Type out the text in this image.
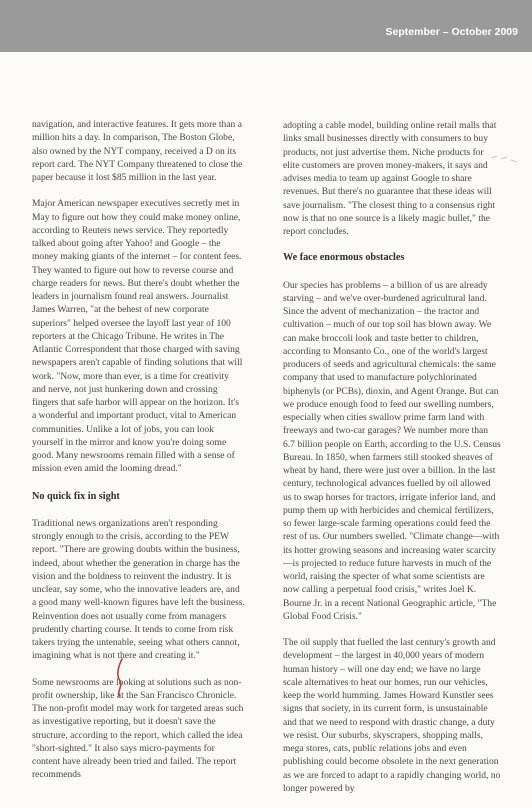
September – October 2009

navigation, and interactive features. It gets more than a million hits a day. In comparison, The Boston Globe, also owned by the NYT company, received a D on its report card. The NYT Company threatened to close the paper because it lost $85 million in the last year.

Major American newspaper executives secretly met in May to figure out how they could make money online, according to Reuters news service. They reportedly talked about going after Yahoo! and Google – the money making giants of the internet – for content fees. They wanted to figure out how to reverse course and charge readers for news. But there's doubt whether the leaders in journalism found real answers. Journalist James Warren, "at the behest of new corporate superiors" helped oversee the layoff last year of 100 reporters at the Chicago Tribune. He writes in The Atlantic Correspondent that those charged with saving newspapers aren't capable of finding solutions that will work. "Now, more than ever, is a time for creativity and nerve, not just hunkering down and crossing fingers that safe harbor will appear on the horizon. It's a wonderful and important product, vital to American communities. Unlike a lot of jobs, you can look yourself in the mirror and know you're doing some good. Many newsrooms remain filled with a sense of mission even amid the looming dread."

No quick fix in sight

Traditional news organizations aren't responding strongly enough to the crisis, according to the PEW report. "There are growing doubts within the business, indeed, about whether the generation in charge has the vision and the boldness to reinvent the industry. It is unclear, say some, who the innovative leaders are, and a good many well-known figures have left the business. Reinvention does not usually come from managers prudently charting course. It tends to come from risk takers trying the untenable, seeing what others cannot, imagining what is not there and creating it."

Some newsrooms are looking at solutions such as non-profit ownership, like at the San Francisco Chronicle. The non-profit model may work for targeted areas such as investigative reporting, but it doesn't save the structure, according to the report, which called the idea "short-sighted." It also says micro-payments for content have already been tried and failed. The report recommends

adopting a cable model, building online retail malls that links small businesses directly with consumers to buy products, not just advertise them. Niche products for elite customers are proven money-makers, it says and advises media to team up against Google to share revenues. But there's no guarantee that these ideas will save journalism. "The closest thing to a consensus right now is that no one source is a likely magic bullet," the report concludes.

We face enormous obstacles

Our species has problems – a billion of us are already starving – and we've over-burdened agricultural land. Since the advent of mechanization – the tractor and cultivation – much of our top soil has blown away. We can make broccoli look and taste better to children, according to Monsanto Co., one of the world's largest producers of seeds and agricultural chemicals: the same company that used to manufacture polychlorinated biphenyls (or PCBs), dioxin, and Agent Orange. But can we produce enough food to feed our swelling numbers, especially when cities swallow prime farm land with freeways and two-car garages? We number more than 6.7 billion people on Earth, according to the U.S. Census Bureau. In 1850, when farmers still stooked sheaves of wheat by hand, there were just over a billion. In the last century, technological advances fuelled by oil allowed us to swap horses for tractors, irrigate inferior land, and pump them up with herbicides and chemical fertilizers, so fewer large-scale farming operations could feed the rest of us. Our numbers swelled. "Climate change—with its hotter growing seasons and increasing water scarcity—is projected to reduce future harvests in much of the world, raising the specter of what some scientists are now calling a perpetual food crisis," writes Joel K. Bourne Jr. in a recent National Geographic article, "The Global Food Crisis."

The oil supply that fuelled the last century's growth and development – the largest in 40,000 years of modern human history – will one day end; we have no large scale alternatives to heat our homes, run our vehicles, keep the world humming. James Howard Kunstler sees signs that society, in its current form, is unsustainable and that we need to respond with drastic change, a duty we resist. Our suburbs, skyscrapers, shopping malls, mega stores, cats, public relations jobs and even publishing could become obsolete in the next generation as we are forced to adapt to a rapidly changing world, no longer powered by
